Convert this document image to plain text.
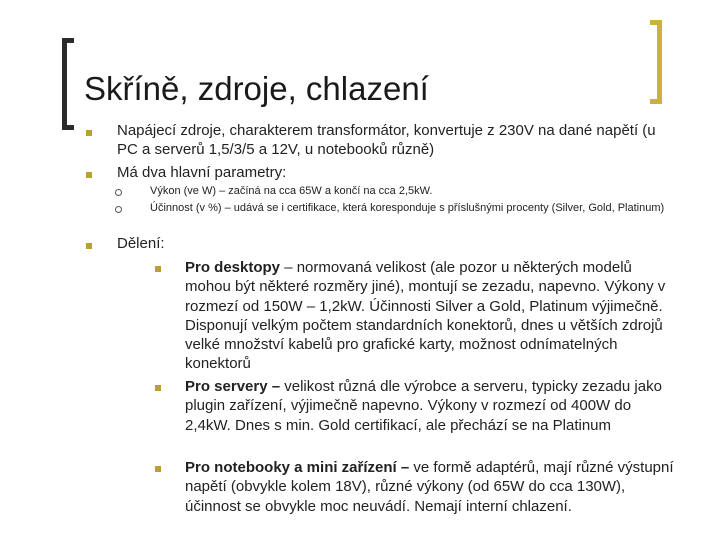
Skříně, zdroje, chlazení
Napájecí zdroje, charakterem transformátor, konvertuje z 230V na dané napětí (u PC a serverů 1,5/3/5 a 12V, u notebooků různě)
Má dva hlavní parametry:
Výkon (ve W) – začíná na cca 65W a končí na cca 2,5kW.
Účinnost (v %) – udává se i certifikace, která koresponduje s příslušnými procenty (Silver, Gold, Platinum)
Dělení:
Pro desktopy – normovaná velikost (ale pozor u některých modelů mohou být některé rozměry jiné), montují se zezadu, napevno. Výkony v rozmezí od 150W – 1,2kW. Účinnosti Silver a Gold, Platinum výjimečně. Disponují velkým počtem standardních konektorů, dnes u větších zdrojů velké množství kabelů pro grafické karty, možnost odnímatelných konektorů
Pro servery – velikost různá dle výrobce a serveru, typicky zezadu jako plugin zařízení, výjimečně napevno. Výkony v rozmezí od 400W do 2,4kW. Dnes s min. Gold certifikací, ale přechází se na Platinum
Pro notebooky a mini zařízení – ve formě adaptérů, mají různé výstupní napětí (obvykle kolem 18V), různé výkony (od 65W do cca 130W), účinnost se obvykle moc neuvádí. Nemají interní chlazení.
